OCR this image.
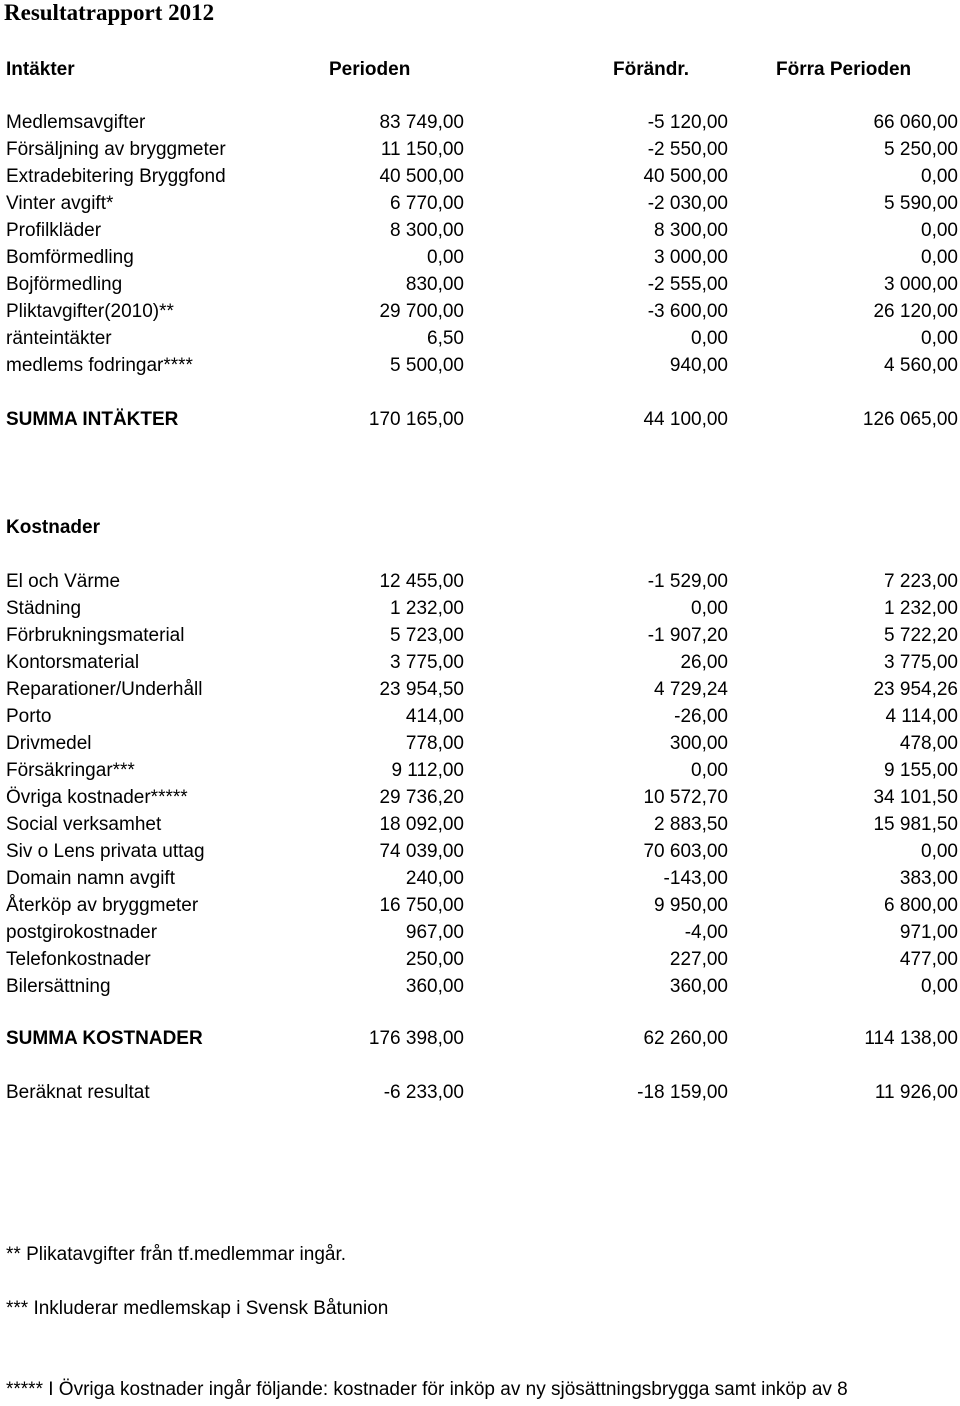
Resultatrapport 2012
Intäkter	Perioden	Förändr.	Förra Perioden
Medlemsavgifter	83 749,00	-5 120,00	66 060,00
Försäljning av bryggmeter	11 150,00	-2 550,00	5 250,00
Extradebitering Bryggfond	40 500,00	40 500,00	0,00
Vinter avgift*	6 770,00	-2 030,00	5 590,00
Profilkläder	8 300,00	8 300,00	0,00
Bomförmedling	0,00	3 000,00	0,00
Bojförmedling	830,00	-2 555,00	3 000,00
Pliktavgifter(2010)**	29 700,00	-3 600,00	26 120,00
ränteintäkter	6,50	0,00	0,00
medlems fodringar****	5 500,00	940,00	4 560,00
SUMMA INTÄKTER	170 165,00	44 100,00	126 065,00
Kostnader
El och Värme	12 455,00	-1 529,00	7 223,00
Städning	1 232,00	0,00	1 232,00
Förbrukningsmaterial	5 723,00	-1 907,20	5 722,20
Kontorsmaterial	3 775,00	26,00	3 775,00
Reparationer/Underhåll	23 954,50	4 729,24	23 954,26
Porto	414,00	-26,00	4 114,00
Drivmedel	778,00	300,00	478,00
Försäkringar***	9 112,00	0,00	9 155,00
Övriga kostnader*****	29 736,20	10 572,70	34 101,50
Social verksamhet	18 092,00	2 883,50	15 981,50
Siv o Lens privata uttag	74 039,00	70 603,00	0,00
Domain namn avgift	240,00	-143,00	383,00
Återköp av bryggmeter	16 750,00	9 950,00	6 800,00
postgirokostnader	967,00	-4,00	971,00
Telefonkostnader	250,00	227,00	477,00
Bilersättning	360,00	360,00	0,00
SUMMA KOSTNADER	176 398,00	62 260,00	114 138,00
Beräknat resultat	-6 233,00	-18 159,00	11 926,00
** Plikatavgifter från tf.medlemmar ingår.
*** Inkluderar medlemskap i Svensk Båtunion
***** I Övriga kostnader ingår följande: kostnader för inköp av ny sjösättningsbrygga samt inköp av 8
